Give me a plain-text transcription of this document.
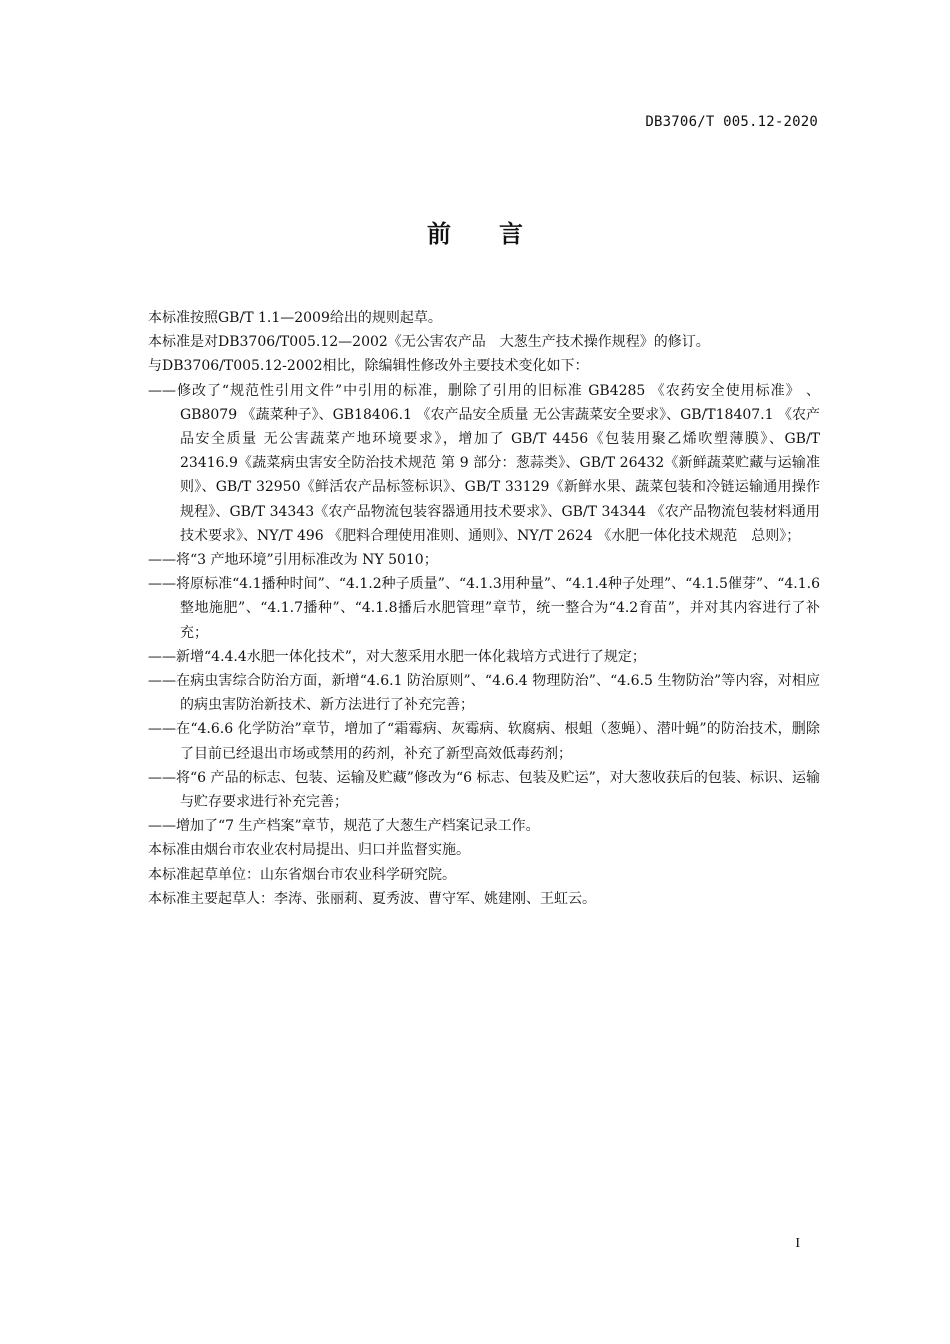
DB3706/T 005.12-2020
前 言

本标准按照GB/T 1.1—2009给出的规则起草。

本标准是对DB3706/T005.12—2002《无公害农产品　大葱生产技术操作规程》的修订。

与DB3706/T005.12-2002相比，除编辑性修改外主要技术变化如下：

——修改了“规范性引用文件”中引用的标准，删除了引用的旧标准 GB4285 《农药安全使用标准》 、GB8079 《蔬菜种子》、GB18406.1 《农产品安全质量 无公害蔬菜安全要求》、GB/T18407.1 《农产品安全质量 无公害蔬菜产地环境要求》，增加了 GB/T 4456《包装用聚乙烯吹塑薄膜》、GB/T 23416.9《蔬菜病虫害安全防治技术规范 第 9 部分：葱蒜类》、GB/T 26432《新鲜蔬菜贮藏与运输准则》、GB/T 32950《鲜活农产品标签标识》、GB/T 33129《新鲜水果、蔬菜包装和冷链运输通用操作规程》、GB/T 34343《农产品物流包装容器通用技术要求》、GB/T 34344 《农产品物流包装材料通用技术要求》、NY/T 496 《肥料合理使用准则、通则》、NY/T 2624 《水肥一体化技术规范　总则》；

——将“3 产地环境”引用标准改为 NY 5010；

——将原标准“4.1播种时间”、“4.1.2种子质量”、“4.1.3用种量”、“4.1.4种子处理”、“4.1.5催芽”、“4.1.6整地施肥”、“4.1.7播种”、“4.1.8播后水肥管理”章节，统一整合为“4.2育苗”，并对其内容进行了补充；

——新增“4.4.4水肥一体化技术”，对大葱采用水肥一体化栽培方式进行了规定；

——在病虫害综合防治方面，新增“4.6.1 防治原则”、“4.6.4 物理防治”、“4.6.5 生物防治”等内容，对相应的病虫害防治新技术、新方法进行了补充完善；

——在“4.6.6 化学防治”章节，增加了“霜霉病、灰霉病、软腐病、根蛆（葱蝇）、潜叶蝇”的防治技术，删除了目前已经退出市场或禁用的药剂，补充了新型高效低毒药剂；

——将“6 产品的标志、包装、运输及贮藏”修改为“6 标志、包装及贮运”，对大葱收获后的包装、标识、运输与贮存要求进行补充完善；

——增加了“7 生产档案”章节，规范了大葱生产档案记录工作。

本标准由烟台市农业农村局提出、归口并监督实施。

本标准起草单位：山东省烟台市农业科学研究院。

本标准主要起草人：李涛、张丽莉、夏秀波、曹守军、姚建刚、王虹云。

I
